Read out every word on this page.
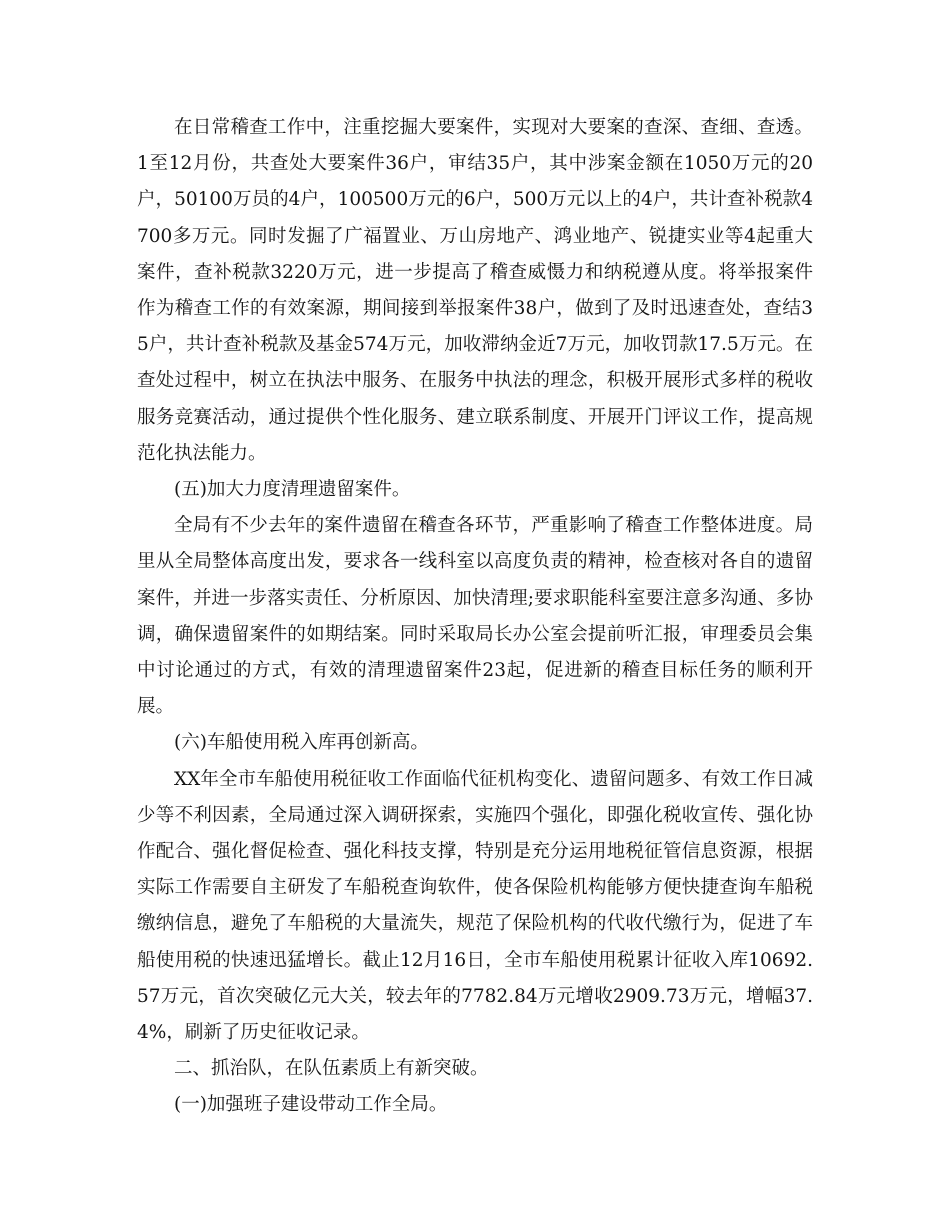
在日常稽查工作中，注重挖掘大要案件，实现对大要案的查深、查细、查透。1至12月份，共查处大要案件36户，审结35户，其中涉案金额在1050万元的20户，50100万员的4户，100500万元的6户，500万元以上的4户，共计查补税款4700多万元。同时发掘了广福置业、万山房地产、鸿业地产、锐捷实业等4起重大案件，查补税款3220万元，进一步提高了稽查威慑力和纳税遵从度。将举报案件作为稽查工作的有效案源，期间接到举报案件38户，做到了及时迅速查处，查结35户，共计查补税款及基金574万元，加收滞纳金近7万元，加收罚款17.5万元。在查处过程中，树立在执法中服务、在服务中执法的理念，积极开展形式多样的税收服务竞赛活动，通过提供个性化服务、建立联系制度、开展开门评议工作，提高规范化执法能力。

(五)加大力度清理遗留案件。

全局有不少去年的案件遗留在稽查各环节，严重影响了稽查工作整体进度。局里从全局整体高度出发，要求各一线科室以高度负责的精神，检查核对各自的遗留案件，并进一步落实责任、分析原因、加快清理;要求职能科室要注意多沟通、多协调，确保遗留案件的如期结案。同时采取局长办公室会提前听汇报，审理委员会集中讨论通过的方式，有效的清理遗留案件23起，促进新的稽查目标任务的顺利开展。

(六)车船使用税入库再创新高。

XX年全市车船使用税征收工作面临代征机构变化、遗留问题多、有效工作日减少等不利因素，全局通过深入调研探索，实施四个强化，即强化税收宣传、强化协作配合、强化督促检查、强化科技支撑，特别是充分运用地税征管信息资源，根据实际工作需要自主研发了车船税查询软件，使各保险机构能够方便快捷查询车船税缴纳信息，避免了车船税的大量流失，规范了保险机构的代收代缴行为，促进了车船使用税的快速迅猛增长。截止12月16日，全市车船使用税累计征收入库10692.57万元，首次突破亿元大关，较去年的7782.84万元增收2909.73万元，增幅37.4%，刷新了历史征收记录。

二、抓治队，在队伍素质上有新突破。

(一)加强班子建设带动工作全局。
